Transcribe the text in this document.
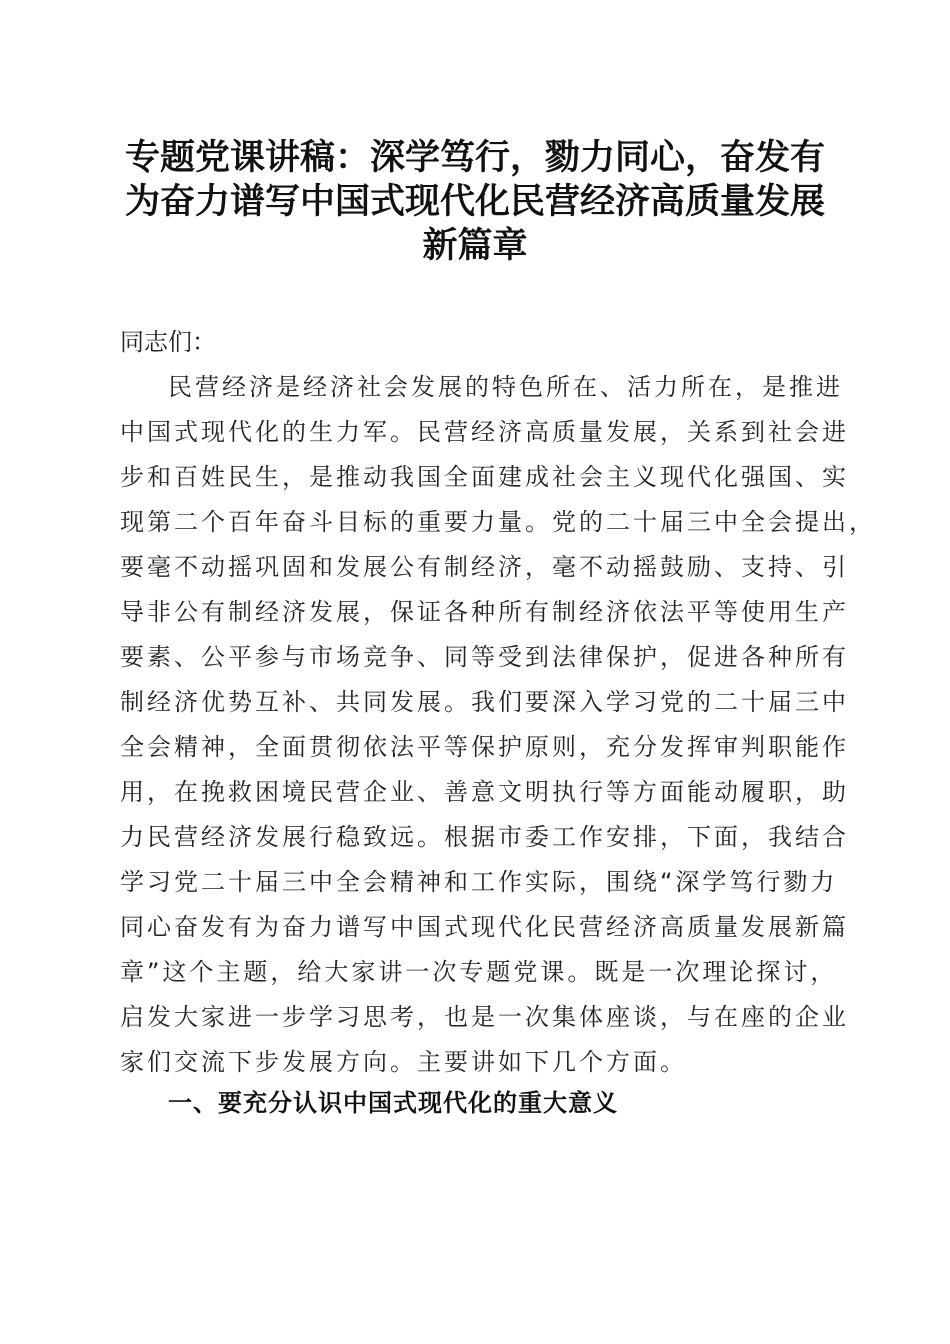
专题党课讲稿：深学笃行，勠力同心，奋发有
为奋力谱写中国式现代化民营经济高质量发展
新篇章
同志们：
民营经济是经济社会发展的特色所在、活力所在，是推进
中国式现代化的生力军。民营经济高质量发展，关系到社会进
步和百姓民生，是推动我国全面建成社会主义现代化强国、实
现第二个百年奋斗目标的重要力量。党的二十届三中全会提出，
要毫不动摇巩固和发展公有制经济，毫不动摇鼓励、支持、引
导非公有制经济发展，保证各种所有制经济依法平等使用生产
要素、公平参与市场竞争、同等受到法律保护，促进各种所有
制经济优势互补、共同发展。我们要深入学习党的二十届三中
全会精神，全面贯彻依法平等保护原则，充分发挥审判职能作
用，在挽救困境民营企业、善意文明执行等方面能动履职，助
力民营经济发展行稳致远。根据市委工作安排，下面，我结合
学习党二十届三中全会精神和工作实际，围绕“深学笃行勠力
同心奋发有为奋力谱写中国式现代化民营经济高质量发展新篇
章”这个主题，给大家讲一次专题党课。既是一次理论探讨，
启发大家进一步学习思考，也是一次集体座谈，与在座的企业
家们交流下步发展方向。主要讲如下几个方面。
一、要充分认识中国式现代化的重大意义
